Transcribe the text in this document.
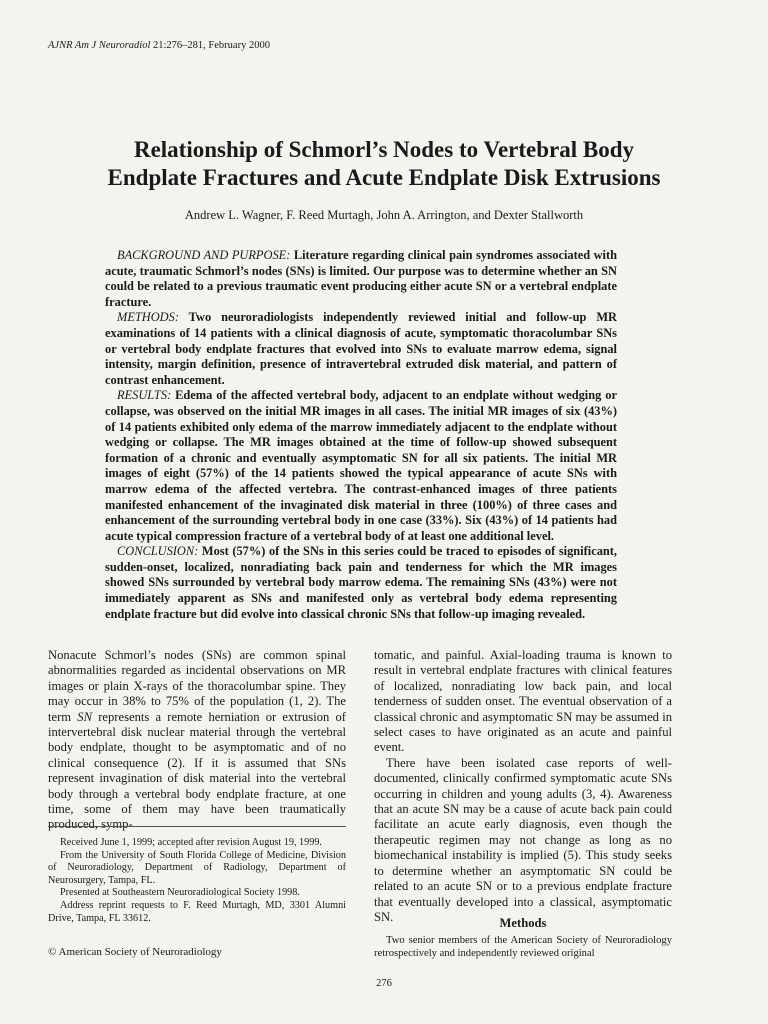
AJNR Am J Neuroradiol 21:276–281, February 2000
Relationship of Schmorl’s Nodes to Vertebral Body
Endplate Fractures and Acute Endplate Disk Extrusions
Andrew L. Wagner, F. Reed Murtagh, John A. Arrington, and Dexter Stallworth

BACKGROUND AND PURPOSE: Literature regarding clinical pain syndromes associated with acute, traumatic Schmorl’s nodes (SNs) is limited. Our purpose was to determine whether an SN could be related to a previous traumatic event producing either acute SN or a vertebral endplate fracture.

METHODS: Two neuroradiologists independently reviewed initial and follow-up MR examinations of 14 patients with a clinical diagnosis of acute, symptomatic thoracolumbar SNs or vertebral body endplate fractures that evolved into SNs to evaluate marrow edema, signal intensity, margin definition, presence of intravertebral extruded disk material, and pattern of contrast enhancement.

RESULTS: Edema of the affected vertebral body, adjacent to an endplate without wedging or collapse, was observed on the initial MR images in all cases. The initial MR images of six (43%) of 14 patients exhibited only edema of the marrow immediately adjacent to the endplate without wedging or collapse. The MR images obtained at the time of follow-up showed subsequent formation of a chronic and eventually asymptomatic SN for all six patients. The initial MR images of eight (57%) of the 14 patients showed the typical appearance of acute SNs with marrow edema of the affected vertebra. The contrast-enhanced images of three patients manifested enhancement of the invaginated disk material in three (100%) of three cases and enhancement of the surrounding vertebral body in one case (33%). Six (43%) of 14 patients had acute typical compression fracture of a vertebral body of at least one additional level.

CONCLUSION: Most (57%) of the SNs in this series could be traced to episodes of significant, sudden-onset, localized, nonradiating back pain and tenderness for which the MR images showed SNs surrounded by vertebral body marrow edema. The remaining SNs (43%) were not immediately apparent as SNs and manifested only as vertebral body edema representing endplate fracture but did evolve into classical chronic SNs that follow-up imaging revealed.

Nonacute Schmorl’s nodes (SNs) are common spinal abnormalities regarded as incidental observations on MR images or plain X-rays of the thoracolumbar spine. They may occur in 38% to 75% of the population (1, 2). The term SN represents a remote herniation or extrusion of intervertebral disk nuclear material through the vertebral body endplate, thought to be asymptomatic and of no clinical consequence (2). If it is assumed that SNs represent invagination of disk material into the vertebral body through a vertebral body endplate fracture, at one time, some of them may have been traumatically produced, symp-

tomatic, and painful. Axial-loading trauma is known to result in vertebral endplate fractures with clinical features of localized, nonradiating low back pain, and local tenderness of sudden onset. The eventual observation of a classical chronic and asymptomatic SN may be assumed in select cases to have originated as an acute and painful event.

There have been isolated case reports of well-documented, clinically confirmed symptomatic acute SNs occurring in children and young adults (3, 4). Awareness that an acute SN may be a cause of acute back pain could facilitate an acute early diagnosis, even though the therapeutic regimen may not change as long as no biomechanical instability is implied (5). This study seeks to determine whether an asymptomatic SN could be related to an acute SN or to a previous endplate fracture that eventually developed into a classical, asymptomatic SN.

Received June 1, 1999; accepted after revision August 19, 1999.

From the University of South Florida College of Medicine, Division of Neuroradiology, Department of Radiology, Department of Neurosurgery, Tampa, FL.

Presented at Southeastern Neuroradiological Society 1998.

Address reprint requests to F. Reed Murtagh, MD, 3301 Alumni Drive, Tampa, FL 33612.

© American Society of Neuroradiology
Methods

Two senior members of the American Society of Neuroradiology retrospectively and independently reviewed original

276
